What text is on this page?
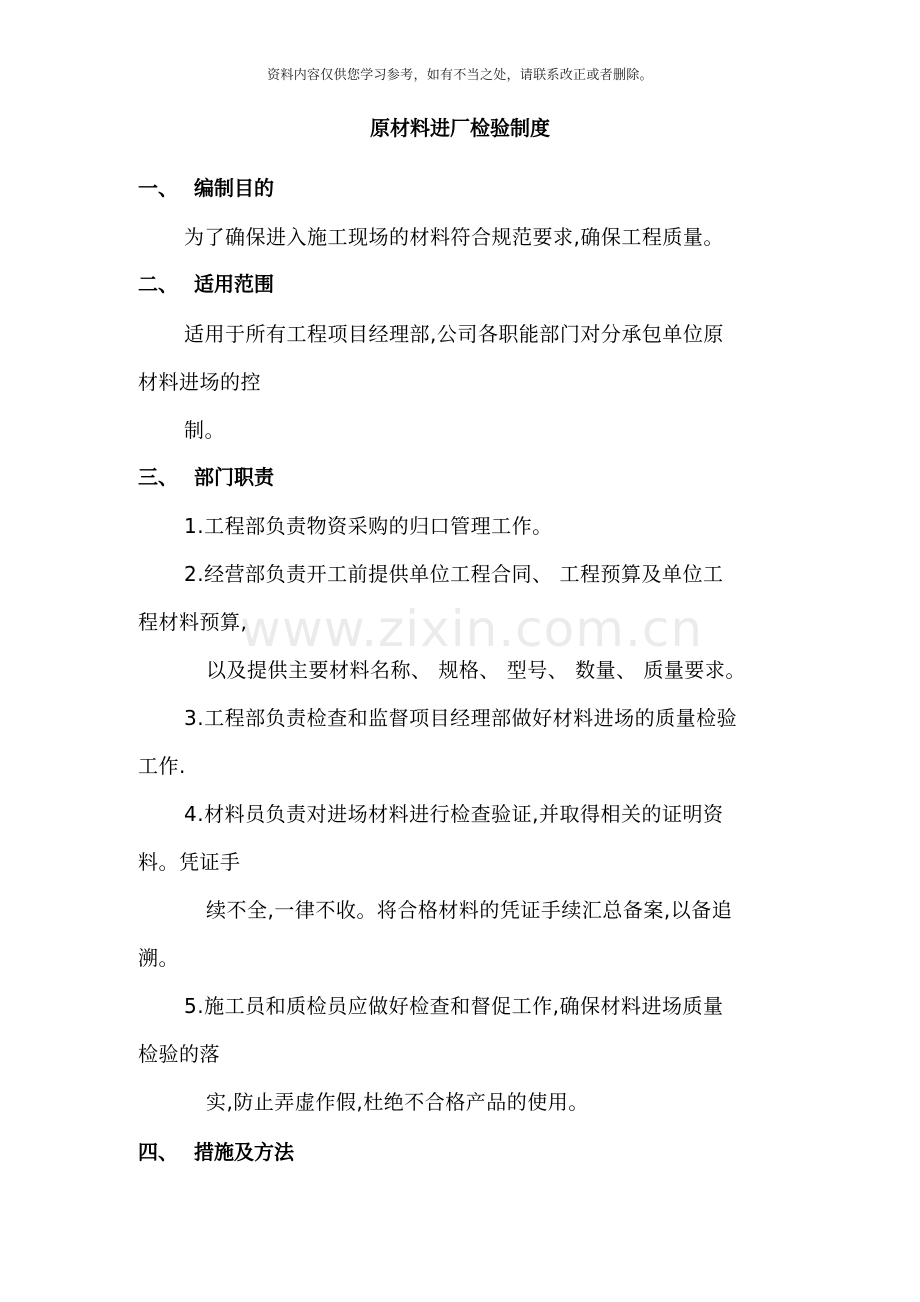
资料内容仅供您学习参考，如有不当之处，请联系改正或者删除。
原材料进厂检验制度
www.zixin.com.cn
一、 编制目的
为了确保进入施工现场的材料符合规范要求,确保工程质量。
二、 适用范围
适用于所有工程项目经理部,公司各职能部门对分承包单位原
材料进场的控
制。
三、 部门职责
1.工程部负责物资采购的归口管理工作。
2.经营部负责开工前提供单位工程合同、 工程预算及单位工
程材料预算,
以及提供主要材料名称、 规格、 型号、 数量、 质量要求。
3.工程部负责检查和监督项目经理部做好材料进场的质量检验
工作.
4.材料员负责对进场材料进行检查验证,并取得相关的证明资
料。凭证手
续不全,一律不收。将合格材料的凭证手续汇总备案,以备追
溯。
5.施工员和质检员应做好检查和督促工作,确保材料进场质量
检验的落
实,防止弄虚作假,杜绝不合格产品的使用。
四、 措施及方法
